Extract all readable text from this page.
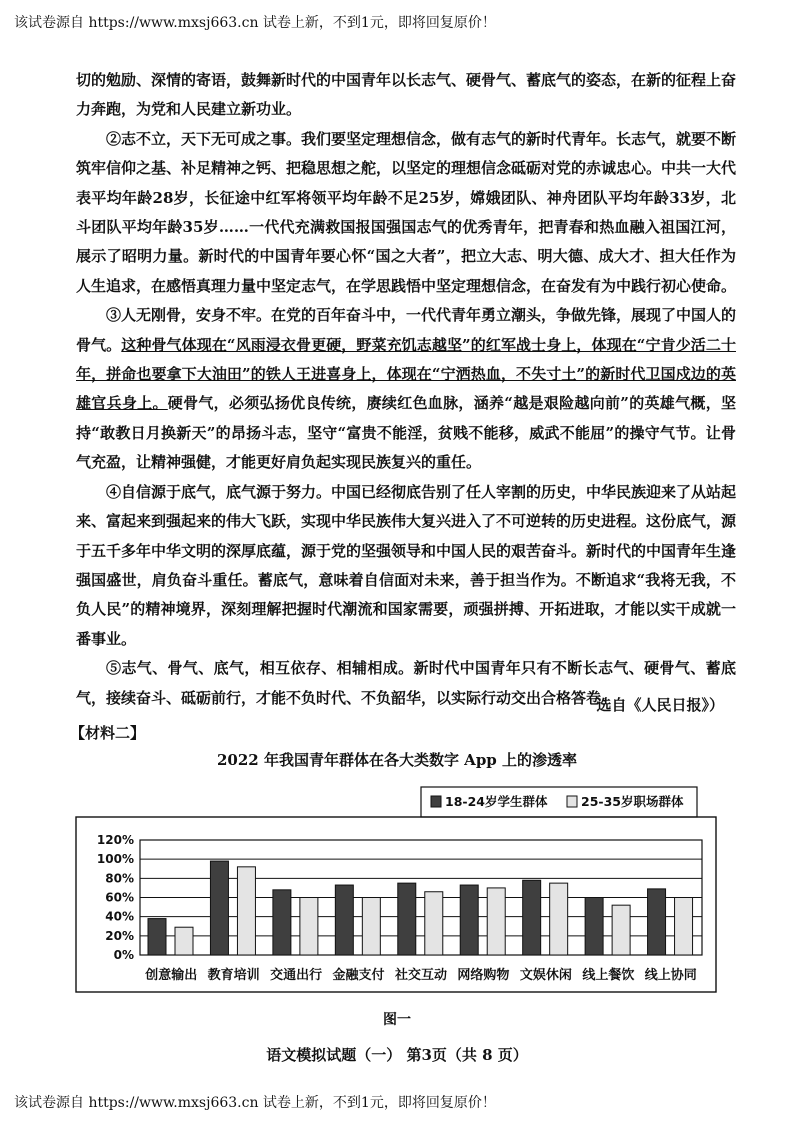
该试卷源自 https://www.mxsj663.cn 试卷上新，不到1元，即将回复原价！

切的勉励、深情的寄语，鼓舞新时代的中国青年以长志气、硬骨气、蓄底气的姿态，在新的征程上奋力奔跑，为党和人民建立新功业。

②志不立，天下无可成之事。我们要坚定理想信念，做有志气的新时代青年。长志气，就要不断筑牢信仰之基、补足精神之钙、把稳思想之舵，以坚定的理想信念砥砺对党的赤诚忠心。中共一大代表平均年龄28岁，长征途中红军将领平均年龄不足25岁，嫦娥团队、神舟团队平均年龄33岁，北斗团队平均年龄35岁……一代代充满救国报国强国志气的优秀青年，把青春和热血融入祖国江河，展示了昭明力量。新时代的中国青年要心怀“国之大者”，把立大志、明大德、成大才、担大任作为人生追求，在感悟真理力量中坚定志气，在学思践悟中坚定理想信念，在奋发有为中践行初心使命。

③人无刚骨，安身不牢。在党的百年奋斗中，一代代青年勇立潮头，争做先锋，展现了中国人的骨气。这种骨气体现在“风雨浸衣骨更硬，野菜充饥志越坚”的红军战士身上，体现在“宁肯少活二十年，拼命也要拿下大油田”的铁人王进喜身上，体现在“宁洒热血，不失寸土”的新时代卫国戍边的英雄官兵身上。硬骨气，必须弘扬优良传统，赓续红色血脉，涵养“越是艰险越向前”的英雄气概，坚持“敢教日月换新天”的昂扬斗志，坚守“富贵不能淫，贫贱不能移，威武不能屈”的操守气节。让骨气充盈，让精神强健，才能更好肩负起实现民族复兴的重任。

④自信源于底气，底气源于努力。中国已经彻底告别了任人宰割的历史，中华民族迎来了从站起来、富起来到强起来的伟大飞跃，实现中华民族伟大复兴进入了不可逆转的历史进程。这份底气，源于五千多年中华文明的深厚底蕴，源于党的坚强领导和中国人民的艰苦奋斗。新时代的中国青年生逢强国盛世，肩负奋斗重任。蓄底气，意味着自信面对未来，善于担当作为。不断追求“我将无我，不负人民”的精神境界，深刻理解把握时代潮流和国家需要，顽强拼搏、开拓进取，才能以实干成就一番事业。

⑤志气、骨气、底气，相互依存、相辅相成。新时代中国青年只有不断长志气、硬骨气、蓄底气，接续奋斗、砥砺前行，才能不负时代、不负韶华，以实际行动交出合格答卷。

选自《人民日报》）
【材料二】
2022 年我国青年群体在各大类数字 App 上的渗透率
18-24岁学生群体	25-35岁职场群体
0%
20%
40%
60%
80%
100%
120%
创意输出 教育培训 交通出行 金融支付 社交互动 网络购物 文娱休闲 线上餐饮 线上协同
图一
语文模拟试题（一） 第3页（共 8 页）
该试卷源自 https://www.mxsj663.cn 试卷上新，不到1元，即将回复原价！
